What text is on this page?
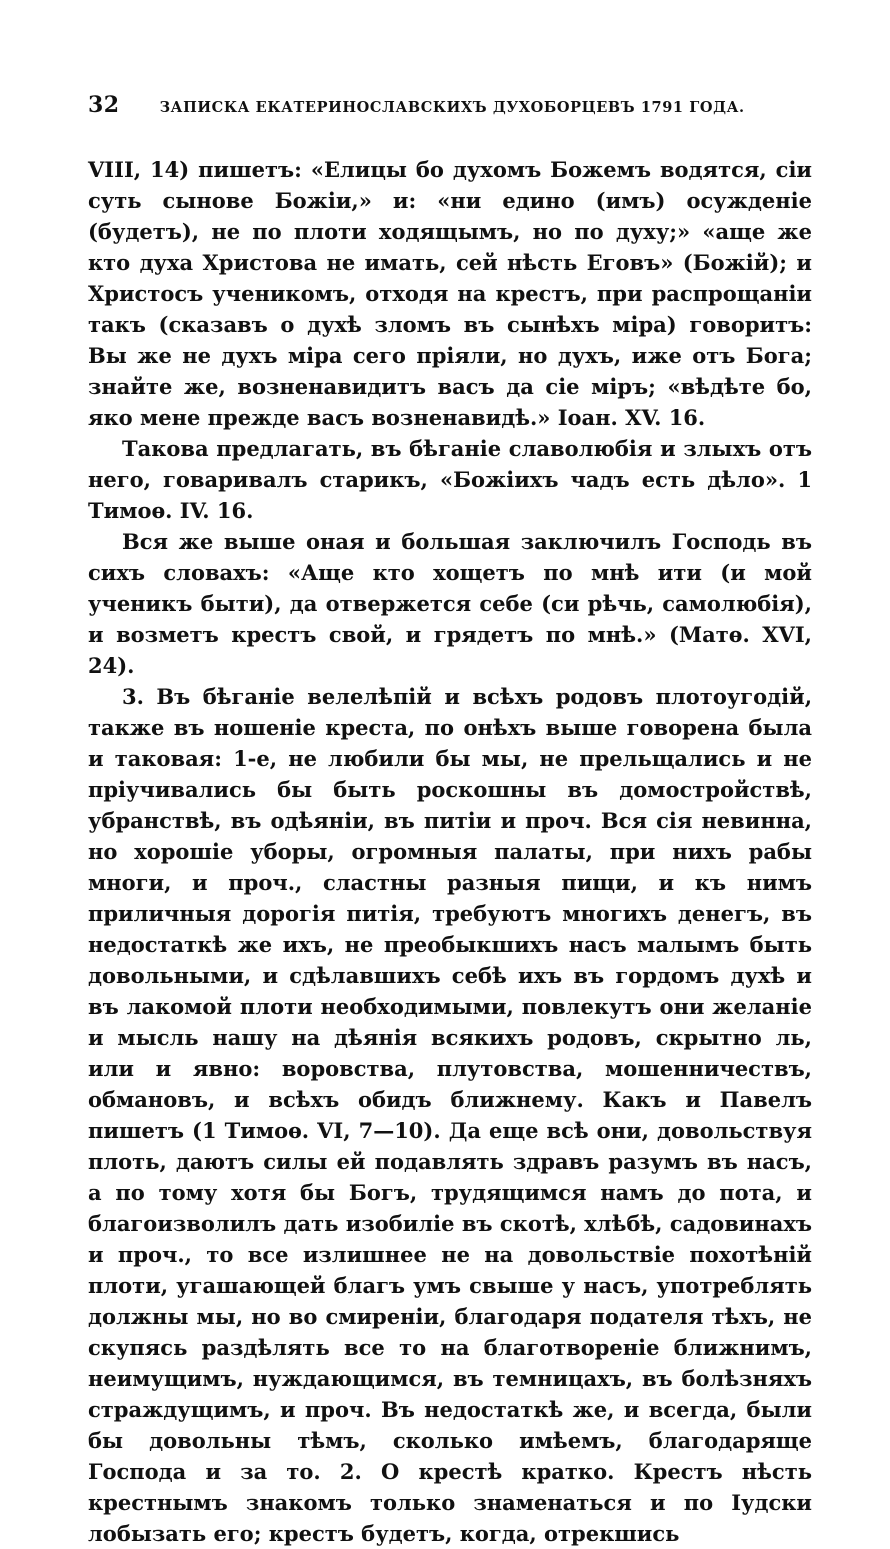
32	ЗАПИСКА ЕКАТЕРИНОСЛАВСКИХЪ ДУХОБОРЦЕВЪ 1791 ГОДА.

VIII, 14) пишетъ: «Елицы бо духомъ Божемъ водятся, сіи суть сынове Божіи,» и: «ни едино (имъ) осужденіе (будетъ), не по плоти ходящымъ, но по духу;» «аще же кто духа Христова не имать, сей нѣсть Еговъ» (Божій); и Христосъ ученикомъ, отходя на крестъ, при распрощаніи такъ (сказавъ о духѣ зломъ въ сынѣхъ міра) говоритъ: Вы же не духъ міра сего пріяли, но духъ, иже отъ Бога; знайте же, возненавидитъ васъ да сіе міръ; «вѣдѣте бо, яко мене прежде васъ возненавидѣ.» Іоан. XV. 16.

Такова предлагать, въ бѣганіе славолюбія и злыхъ отъ него, говаривалъ старикъ, «Божіихъ чадъ есть дѣло». 1 Тимоѳ. IV. 16.

Вся же выше оная и большая заключилъ Господь въ сихъ словахъ: «Аще кто хощетъ по мнѣ ити (и мой ученикъ быти), да отвержется себе (си рѣчь, самолюбія), и возметъ крестъ свой, и грядетъ по мнѣ.» (Матѳ. XVI, 24).

3. Въ бѣганіе велелѣпій и всѣхъ родовъ плотоугодій, также въ ношеніе креста, по онѣхъ выше говорена была и таковая: 1-е, не любили бы мы, не прельщались и не пріучивались бы быть роскошны въ домостройствѣ, убранствѣ, въ одѣяніи, въ питіи и проч. Вся сія невинна, но хорошіе уборы, огромныя палаты, при нихъ рабы многи, и проч., сластны разныя пищи, и къ нимъ приличныя дорогія питія, требуютъ многихъ денегъ, въ недостаткѣ же ихъ, не преобыкшихъ насъ малымъ быть довольными, и сдѣлавшихъ себѣ ихъ въ гордомъ духѣ и въ лакомой плоти необходимыми, повлекутъ они желаніе и мысль нашу на дѣянія всякихъ родовъ, скрытно ль, или и явно: воровства, плутовства, мошенничествъ, обмановъ, и всѣхъ обидъ ближнему. Какъ и Павелъ пишетъ (1 Тимоѳ. VI, 7—10). Да еще всѣ они, довольствуя плоть, даютъ силы ей подавлять здравъ разумъ въ насъ, а по тому хотя бы Богъ, трудящимся намъ до пота, и благоизволилъ дать изобиліе въ скотѣ, хлѣбѣ, садовинахъ и проч., то все излишнее не на довольствіе похотѣній плоти, угашающей благъ умъ свыше у насъ, употреблять должны мы, но во смиреніи, благодаря подателя тѣхъ, не скупясь раздѣлять все то на благотвореніе ближнимъ, неимущимъ, нуждающимся, въ темницахъ, въ болѣзняхъ страждущимъ, и проч. Въ недостаткѣ же, и всегда, были бы довольны тѣмъ, сколько имѣемъ, благодаряще Господа и за то. 2. О крестѣ кратко. Крестъ нѣсть крестнымъ знакомъ только знаменаться и по Іудски лобызать его; крестъ будетъ, когда, отрекшись
